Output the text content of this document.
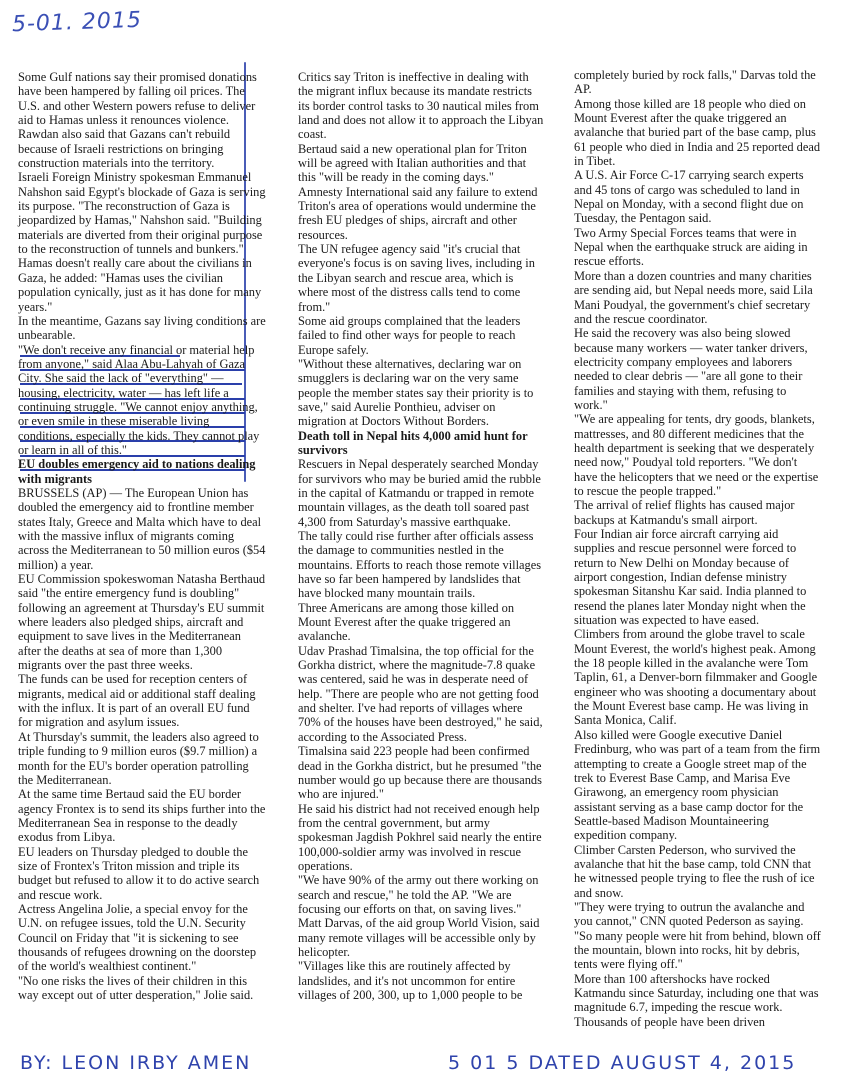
5-01. 2015

Some Gulf nations say their promised donations have been hampered by falling oil prices. The U.S. and other Western powers refuse to deliver aid to Hamas unless it renounces violence.

Rawdan also said that Gazans can't rebuild because of Israeli restrictions on bringing construction materials into the territory.

Israeli Foreign Ministry spokesman Emmanuel Nahshon said Egypt's blockade of Gaza is serving its purpose. "The reconstruction of Gaza is jeopardized by Hamas," Nahshon said. "Building materials are diverted from their original purpose to the reconstruction of tunnels and bunkers."

Hamas doesn't really care about the civilians in Gaza, he added: "Hamas uses the civilian population cynically, just as it has done for many years."

In the meantime, Gazans say living conditions are unbearable.

"We don't receive any financial or material help from anyone," said Alaa Abu-Lahyah of Gaza City. She said the lack of "everything" — housing, electricity, water — has left life a continuing struggle. "We cannot enjoy anything, or even smile in these miserable living conditions, especially the kids. They cannot play or learn in all of this."

EU doubles emergency aid to nations dealing with migrants

BRUSSELS (AP) — The European Union has doubled the emergency aid to frontline member states Italy, Greece and Malta which have to deal with the massive influx of migrants coming across the Mediterranean to 50 million euros ($54 million) a year.

EU Commission spokeswoman Natasha Berthaud said "the entire emergency fund is doubling" following an agreement at Thursday's EU summit where leaders also pledged ships, aircraft and equipment to save lives in the Mediterranean after the deaths at sea of more than 1,300 migrants over the past three weeks.

The funds can be used for reception centers of migrants, medical aid or additional staff dealing with the influx. It is part of an overall EU fund for migration and asylum issues.

At Thursday's summit, the leaders also agreed to triple funding to 9 million euros ($9.7 million) a month for the EU's border operation patrolling the Mediterranean.

At the same time Bertaud said the EU border agency Frontex is to send its ships further into the Mediterranean Sea in response to the deadly exodus from Libya.

EU leaders on Thursday pledged to double the size of Frontex's Triton mission and triple its budget but refused to allow it to do active search and rescue work.

Actress Angelina Jolie, a special envoy for the U.N. on refugee issues, told the U.N. Security Council on Friday that "it is sickening to see thousands of refugees drowning on the doorstep of the world's wealthiest continent."

"No one risks the lives of their children in this way except out of utter desperation," Jolie said.

Critics say Triton is ineffective in dealing with the migrant influx because its mandate restricts its border control tasks to 30 nautical miles from land and does not allow it to approach the Libyan coast.

Bertaud said a new operational plan for Triton will be agreed with Italian authorities and that this "will be ready in the coming days."

Amnesty International said any failure to extend Triton's area of operations would undermine the fresh EU pledges of ships, aircraft and other resources.

The UN refugee agency said "it's crucial that everyone's focus is on saving lives, including in the Libyan search and rescue area, which is where most of the distress calls tend to come from."

Some aid groups complained that the leaders failed to find other ways for people to reach Europe safely.

"Without these alternatives, declaring war on smugglers is declaring war on the very same people the member states say their priority is to save," said Aurelie Ponthieu, adviser on migration at Doctors Without Borders.

Death toll in Nepal hits 4,000 amid hunt for survivors

Rescuers in Nepal desperately searched Monday for survivors who may be buried amid the rubble in the capital of Katmandu or trapped in remote mountain villages, as the death toll soared past 4,300 from Saturday's massive earthquake.

The tally could rise further after officials assess the damage to communities nestled in the mountains. Efforts to reach those remote villages have so far been hampered by landslides that have blocked many mountain trails.

Three Americans are among those killed on Mount Everest after the quake triggered an avalanche.

Udav Prashad Timalsina, the top official for the Gorkha district, where the magnitude-7.8 quake was centered, said he was in desperate need of help. "There are people who are not getting food and shelter. I've had reports of villages where 70% of the houses have been destroyed," he said, according to the Associated Press.

Timalsina said 223 people had been confirmed dead in the Gorkha district, but he presumed "the number would go up because there are thousands who are injured."

He said his district had not received enough help from the central government, but army spokesman Jagdish Pokhrel said nearly the entire 100,000-soldier army was involved in rescue operations.

"We have 90% of the army out there working on search and rescue," he told the AP. "We are focusing our efforts on that, on saving lives."

Matt Darvas, of the aid group World Vision, said many remote villages will be accessible only by helicopter.

"Villages like this are routinely affected by landslides, and it's not uncommon for entire villages of 200, 300, up to 1,000 people to be

completely buried by rock falls," Darvas told the AP.

Among those killed are 18 people who died on Mount Everest after the quake triggered an avalanche that buried part of the base camp, plus 61 people who died in India and 25 reported dead in Tibet.

A U.S. Air Force C-17 carrying search experts and 45 tons of cargo was scheduled to land in Nepal on Monday, with a second flight due on Tuesday, the Pentagon said.

Two Army Special Forces teams that were in Nepal when the earthquake struck are aiding in rescue efforts.

More than a dozen countries and many charities are sending aid, but Nepal needs more, said Lila Mani Poudyal, the government's chief secretary and the rescue coordinator.

He said the recovery was also being slowed because many workers — water tanker drivers, electricity company employees and laborers needed to clear debris — "are all gone to their families and staying with them, refusing to work."

"We are appealing for tents, dry goods, blankets, mattresses, and 80 different medicines that the health department is seeking that we desperately need now," Poudyal told reporters. "We don't have the helicopters that we need or the expertise to rescue the people trapped."

The arrival of relief flights has caused major backups at Katmandu's small airport.

Four Indian air force aircraft carrying aid supplies and rescue personnel were forced to return to New Delhi on Monday because of airport congestion, Indian defense ministry spokesman Sitanshu Kar said. India planned to resend the planes later Monday night when the situation was expected to have eased.

Climbers from around the globe travel to scale Mount Everest, the world's highest peak. Among the 18 people killed in the avalanche were Tom Taplin, 61, a Denver-born filmmaker and Google engineer who was shooting a documentary about the Mount Everest base camp. He was living in Santa Monica, Calif.

Also killed were Google executive Daniel Fredinburg, who was part of a team from the firm attempting to create a Google street map of the trek to Everest Base Camp, and Marisa Eve Girawong, an emergency room physician assistant serving as a base camp doctor for the Seattle-based Madison Mountaineering expedition company.

Climber Carsten Pederson, who survived the avalanche that hit the base camp, told CNN that he witnessed people trying to flee the rush of ice and snow.

"They were trying to outrun the avalanche and you cannot," CNN quoted Pederson as saying. "So many people were hit from behind, blown off the mountain, blown into rocks, hit by debris, tents were flying off."

More than 100 aftershocks have rocked Katmandu since Saturday, including one that was magnitude 6.7, impeding the rescue work. Thousands of people have been driven

BY: LEON IRBY AMEN	5 01 5 DATED AUGUST 4, 2015
